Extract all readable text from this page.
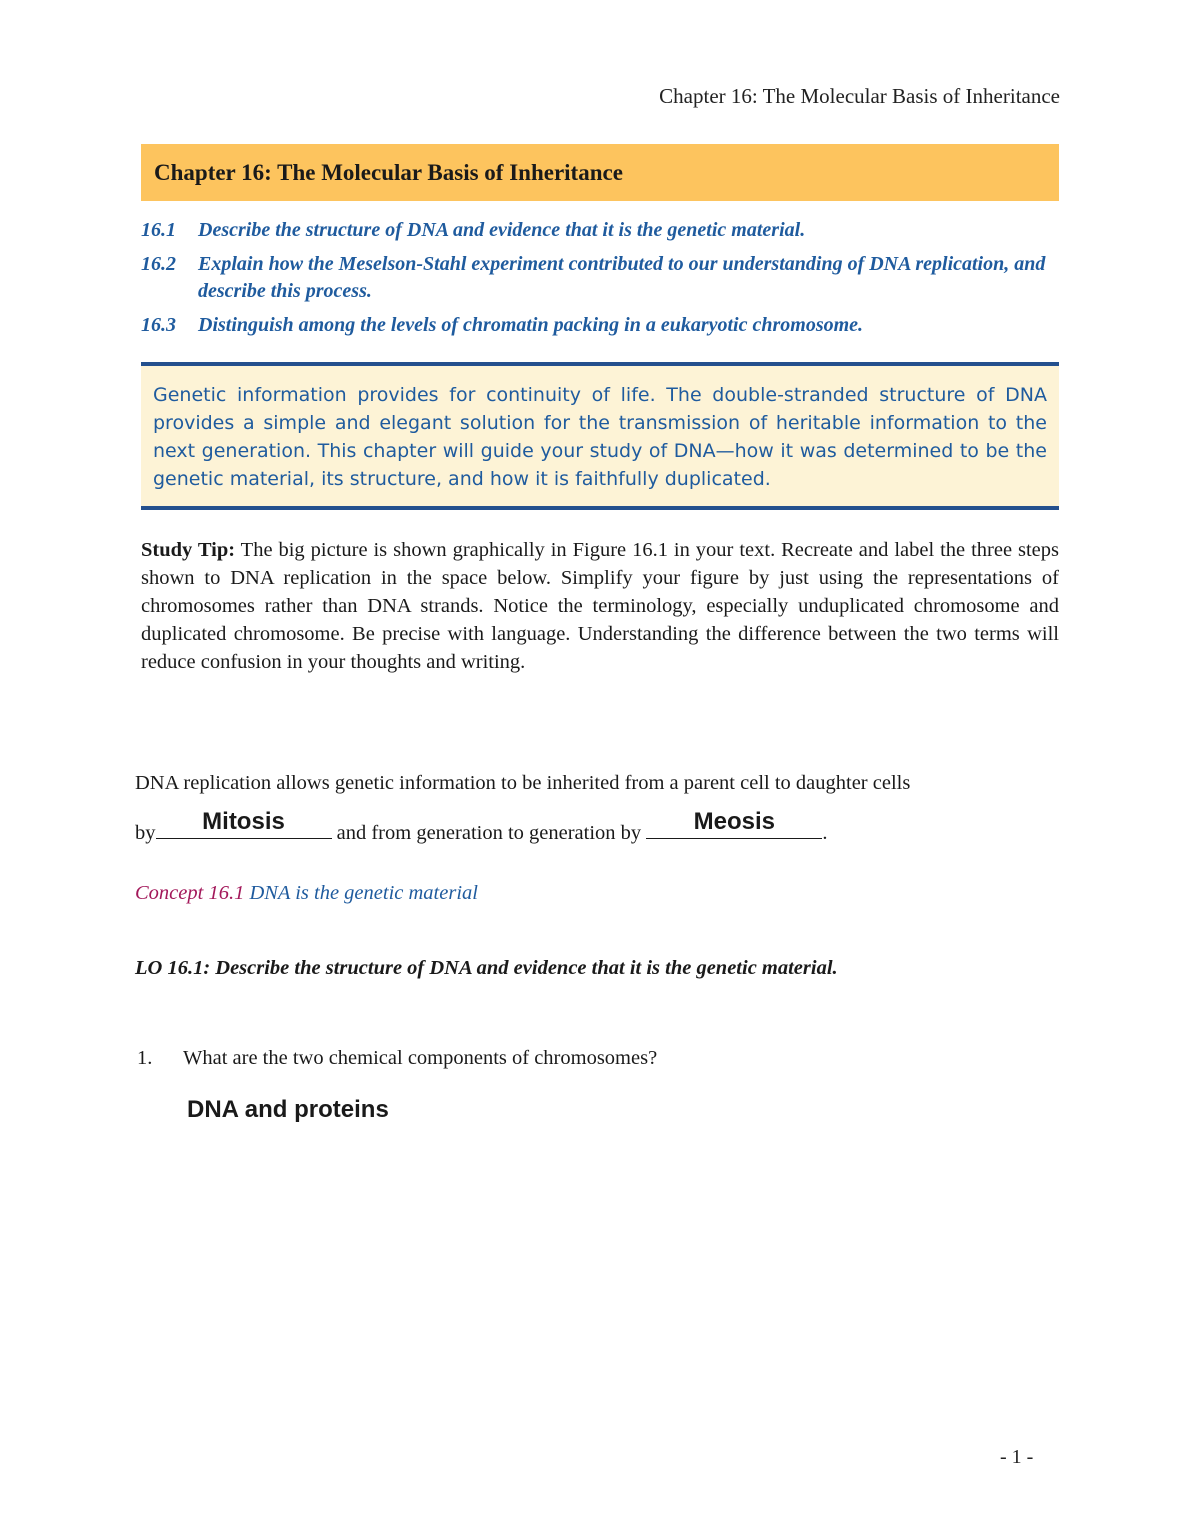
Chapter 16: The Molecular Basis of Inheritance
Chapter 16: The Molecular Basis of Inheritance
16.1	Describe the structure of DNA and evidence that it is the genetic material.
16.2	Explain how the Meselson-Stahl experiment contributed to our understanding of DNA replication, and describe this process.
16.3	Distinguish among the levels of chromatin packing in a eukaryotic chromosome.
Genetic information provides for continuity of life. The double-stranded structure of DNA provides a simple and elegant solution for the transmission of heritable information to the next generation. This chapter will guide your study of DNA—how it was determined to be the genetic material, its structure, and how it is faithfully duplicated.
Study Tip: The big picture is shown graphically in Figure 16.1 in your text. Recreate and label the three steps shown to DNA replication in the space below. Simplify your figure by just using the representations of chromosomes rather than DNA strands. Notice the terminology, especially unduplicated chromosome and duplicated chromosome. Be precise with language. Understanding the difference between the two terms will reduce confusion in your thoughts and writing.
DNA replication allows genetic information to be inherited from a parent cell to daughter cells
by	Mitosis	and from generation to generation by	Meosis	.
Concept 16.1 DNA is the genetic material
LO 16.1: Describe the structure of DNA and evidence that it is the genetic material.
1.	What are the two chemical components of chromosomes?
DNA and proteins
- 1 -
